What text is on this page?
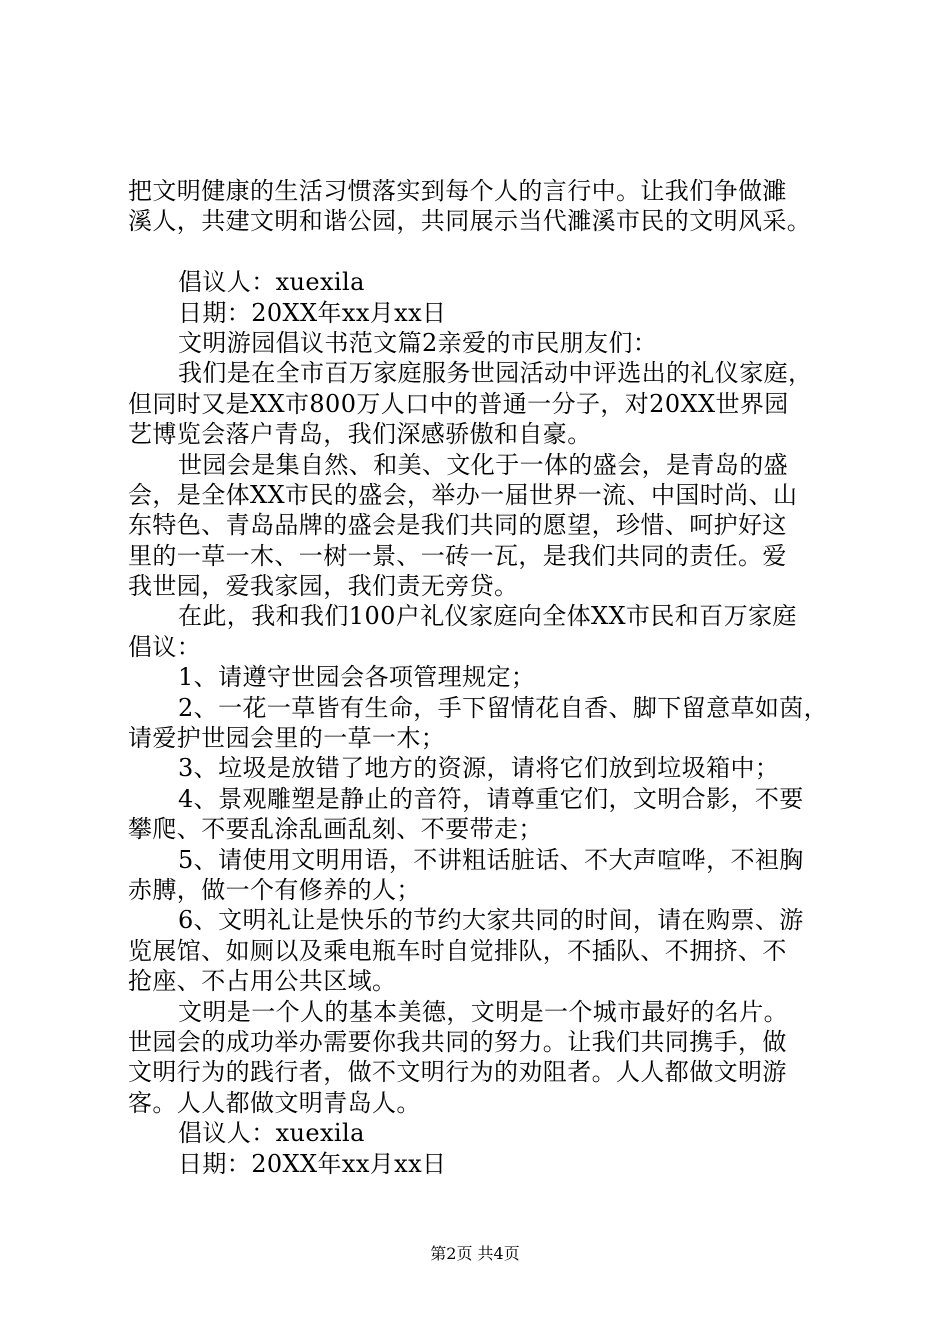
把文明健康的生活习惯落实到每个人的言行中。让我们争做濉
溪人，共建文明和谐公园，共同展示当代濉溪市民的文明风采。
倡议人：xuexila
日期：20XX年xx月xx日
文明游园倡议书范文篇2亲爱的市民朋友们：
我们是在全市百万家庭服务世园活动中评选出的礼仪家庭，
但同时又是XX市800万人口中的普通一分子，对20XX世界园
艺博览会落户青岛，我们深感骄傲和自豪。
世园会是集自然、和美、文化于一体的盛会，是青岛的盛
会，是全体XX市民的盛会，举办一届世界一流、中国时尚、山
东特色、青岛品牌的盛会是我们共同的愿望，珍惜、呵护好这
里的一草一木、一树一景、一砖一瓦，是我们共同的责任。爱
我世园，爱我家园，我们责无旁贷。
在此，我和我们100户礼仪家庭向全体XX市民和百万家庭
倡议：
1、请遵守世园会各项管理规定；
2、一花一草皆有生命，手下留情花自香、脚下留意草如茵，
请爱护世园会里的一草一木；
3、垃圾是放错了地方的资源，请将它们放到垃圾箱中；
4、景观雕塑是静止的音符，请尊重它们，文明合影，不要
攀爬、不要乱涂乱画乱刻、不要带走；
5、请使用文明用语，不讲粗话脏话、不大声喧哗，不袒胸
赤膊，做一个有修养的人；
6、文明礼让是快乐的节约大家共同的时间，请在购票、游
览展馆、如厕以及乘电瓶车时自觉排队，不插队、不拥挤、不
抢座、不占用公共区域。
文明是一个人的基本美德，文明是一个城市最好的名片。
世园会的成功举办需要你我共同的努力。让我们共同携手，做
文明行为的践行者，做不文明行为的劝阻者。人人都做文明游
客。人人都做文明青岛人。
倡议人：xuexila
日期：20XX年xx月xx日
第2页 共4页
